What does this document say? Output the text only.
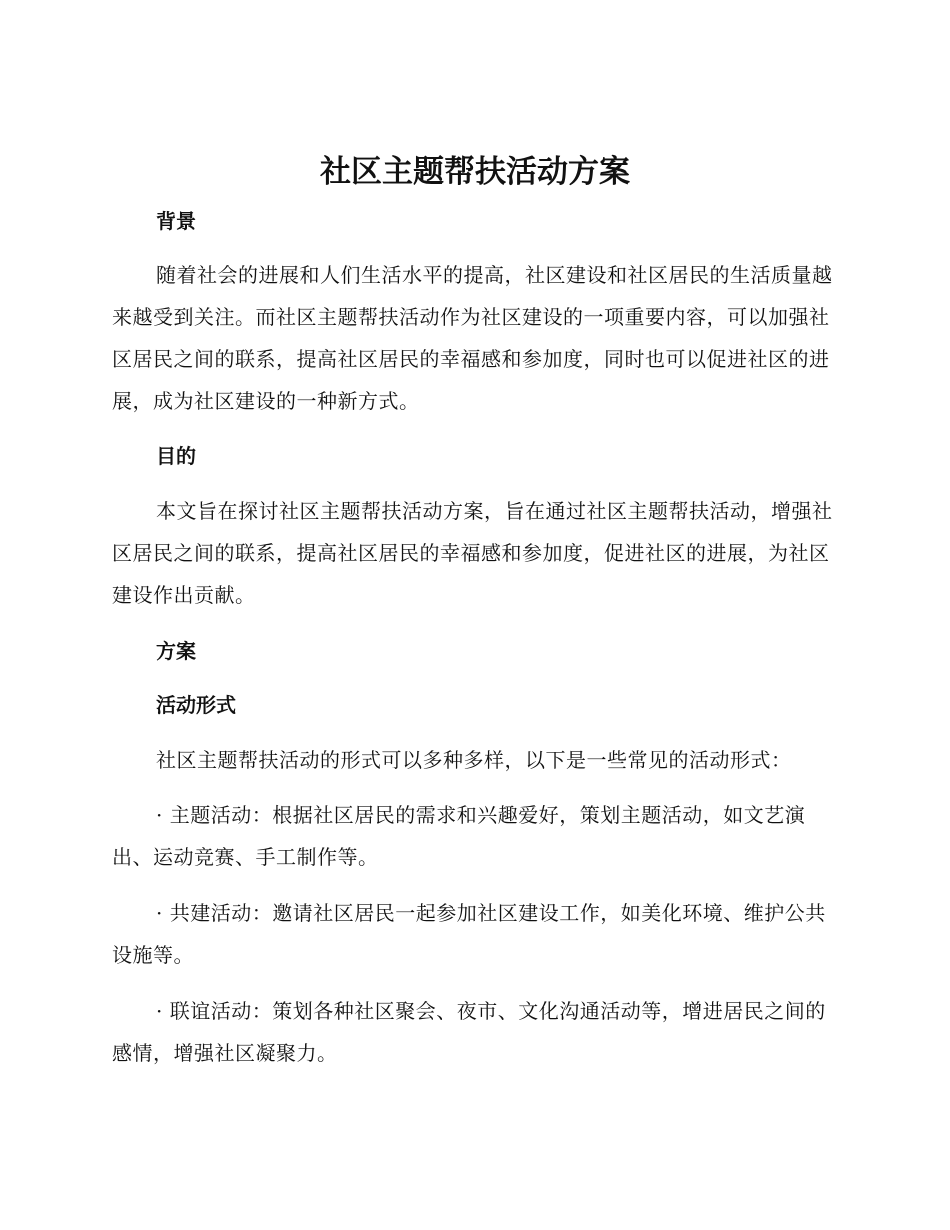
社区主题帮扶活动方案
背景

随着社会的进展和人们生活水平的提高，社区建设和社区居民的生活质量越来越受到关注。而社区主题帮扶活动作为社区建设的一项重要内容，可以加强社区居民之间的联系，提高社区居民的幸福感和参加度，同时也可以促进社区的进展，成为社区建设的一种新方式。

目的

本文旨在探讨社区主题帮扶活动方案，旨在通过社区主题帮扶活动，增强社区居民之间的联系，提高社区居民的幸福感和参加度，促进社区的进展，为社区建设作出贡献。

方案
活动形式

社区主题帮扶活动的形式可以多种多样，以下是一些常见的活动形式：

· 主题活动：根据社区居民的需求和兴趣爱好，策划主题活动，如文艺演出、运动竞赛、手工制作等。

· 共建活动：邀请社区居民一起参加社区建设工作，如美化环境、维护公共设施等。

· 联谊活动：策划各种社区聚会、夜市、文化沟通活动等，增进居民之间的感情，增强社区凝聚力。
